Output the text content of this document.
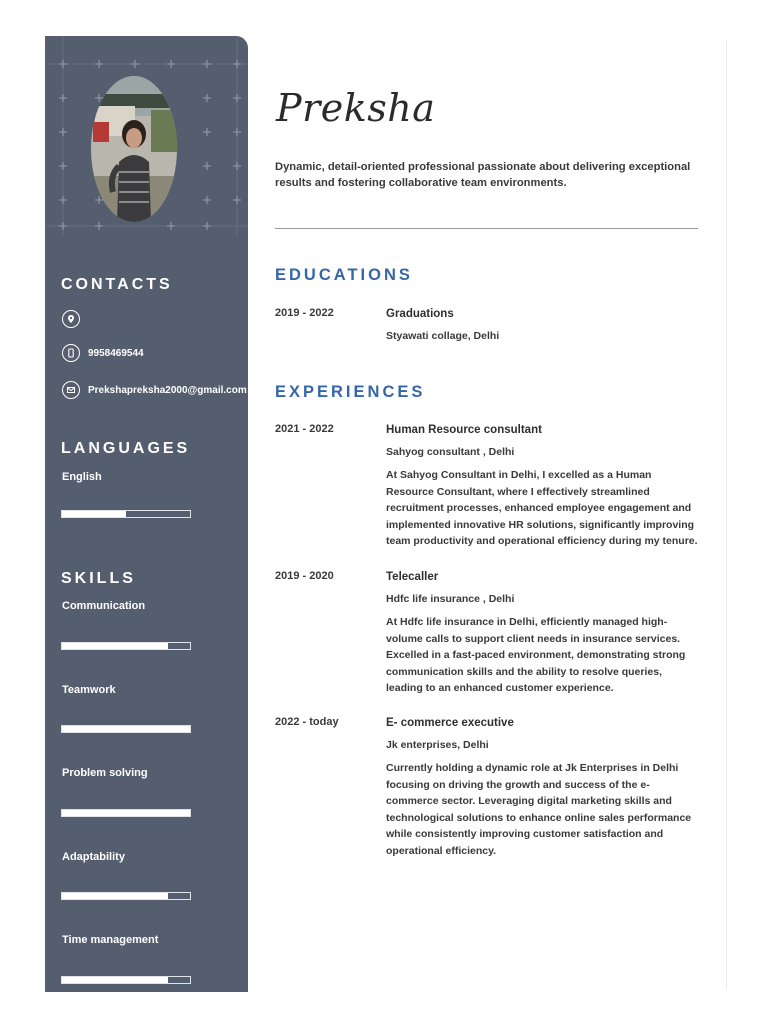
CONTACTS
9958469544
Prekshapreksha2000@gmail.com
LANGUAGES
English
SKILLS
Communication
Teamwork
Problem solving
Adaptability
Time management
Preksha

Dynamic, detail-oriented professional passionate about delivering exceptional results and fostering collaborative team environments.

EDUCATIONS
2019 - 2022	Graduations

Styawati collage, Delhi

EXPERIENCES
2021 - 2022	Human Resource consultant

Sahyog consultant , Delhi

At Sahyog Consultant in Delhi, I excelled as a Human Resource Consultant, where I effectively streamlined recruitment processes, enhanced employee engagement and implemented innovative HR solutions, significantly improving team productivity and operational efficiency during my tenure.

2019 - 2020	Telecaller

Hdfc life insurance , Delhi

At Hdfc life insurance in Delhi, efficiently managed high-volume calls to support client needs in insurance services. Excelled in a fast-paced environment, demonstrating strong communication skills and the ability to resolve queries, leading to an enhanced customer experience.

2022 - today	E- commerce executive

Jk enterprises, Delhi

Currently holding a dynamic role at Jk Enterprises in Delhi focusing on driving the growth and success of the e-commerce sector. Leveraging digital marketing skills and technological solutions to enhance online sales performance while consistently improving customer satisfaction and operational efficiency.
